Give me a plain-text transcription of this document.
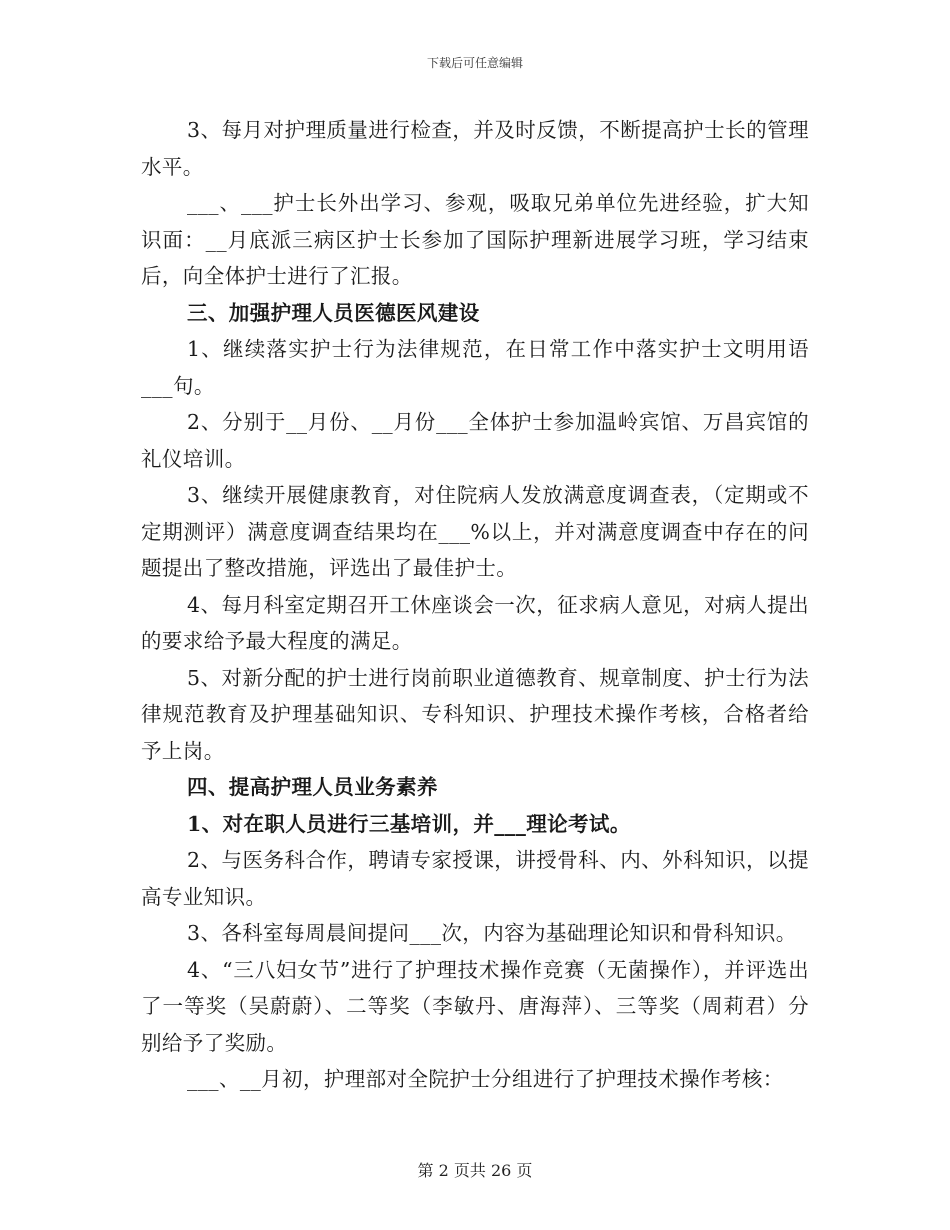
下载后可任意编辑

3、每月对护理质量进行检查，并及时反馈，不断提高护士长的管理水平。

___、___护士长外出学习、参观，吸取兄弟单位先进经验，扩大知识面：__月底派三病区护士长参加了国际护理新进展学习班，学习结束后，向全体护士进行了汇报。

三、加强护理人员医德医风建设

1、继续落实护士行为法律规范，在日常工作中落实护士文明用语___句。

2、分别于__月份、__月份___全体护士参加温岭宾馆、万昌宾馆的礼仪培训。

3、继续开展健康教育，对住院病人发放满意度调查表，（定期或不定期测评）满意度调查结果均在___%以上，并对满意度调查中存在的问题提出了整改措施，评选出了最佳护士。

4、每月科室定期召开工休座谈会一次，征求病人意见，对病人提出的要求给予最大程度的满足。

5、对新分配的护士进行岗前职业道德教育、规章制度、护士行为法律规范教育及护理基础知识、专科知识、护理技术操作考核，合格者给予上岗。

四、提高护理人员业务素养

1、对在职人员进行三基培训，并___理论考试。

2、与医务科合作，聘请专家授课，讲授骨科、内、外科知识，以提高专业知识。

3、各科室每周晨间提问___次，内容为基础理论知识和骨科知识。

4、“三八妇女节”进行了护理技术操作竞赛（无菌操作），并评选出了一等奖（吴蔚蔚）、二等奖（李敏丹、唐海萍）、三等奖（周莉君）分别给予了奖励。

___、__月初，护理部对全院护士分组进行了护理技术操作考核：

第 2 页共 26 页
